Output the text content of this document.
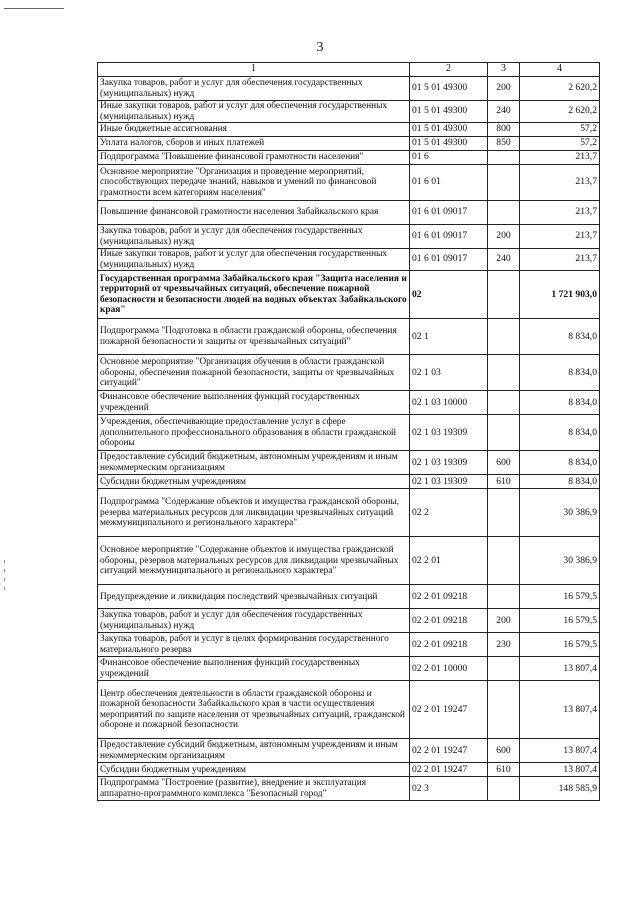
3
1	2	3	4
Закупка товаров, работ и услуг для обеспечения государственных (муниципальных) нужд	01 5 01 49300	200	2 620,2
Иные закупки товаров, работ и услуг для обеспечения государственных (муниципальных) нужд	01 5 01 49300	240	2 620,2
Иные бюджетные ассигнования	01 5 01 49300	800	57,2
Уплата налогов, сборов и иных платежей	01 5 01 49300	850	57,2
Подпрограмма "Повышение финансовой грамотности населения"	01 6		213,7
Основное мероприятие "Организация и проведение мероприятий, способствующих передаче знаний, навыков и умений по финансовой грамотности всем категориям населения"	01 6 01		213,7
Повышение финансовой грамотности населения Забайкальского края	01 6 01 09017		213,7
Закупка товаров, работ и услуг для обеспечения государственных (муниципальных) нужд	01 6 01 09017	200	213,7
Иные закупки товаров, работ и услуг для обеспечения государственных (муниципальных) нужд	01 6 01 09017	240	213,7
Государственная программа Забайкальского края "Защита населения и территорий от чрезвычайных ситуаций, обеспечение пожарной безопасности и безопасности людей на водных объектах Забайкальского края"	02		1 721 903,0
Подпрограмма "Подготовка в области гражданской обороны, обеспечения пожарной безопасности и защиты от чрезвычайных ситуаций"	02 1		8 834,0
Основное мероприятие "Организация обучения в области гражданской обороны, обеспечения пожарной безопасности, защиты от чрезвычайных ситуаций"	02 1 03		8 834,0
Финансовое обеспечение выполнения функций государственных учреждений	02 1 03 10000		8 834,0
Учреждения, обеспечивающие предоставление услуг в сфере дополнительного профессионального образования в области гражданской обороны	02 1 03 19309		8 834,0
Предоставление субсидий бюджетным, автономным учреждениям и иным некоммерческим организациям	02 1 03 19309	600	8 834,0
Субсидии бюджетным учреждениям	02 1 03 19309	610	8 834,0
Подпрограмма "Содержание объектов и имущества гражданской обороны, резерва материальных ресурсов для ликвидации чрезвычайных ситуаций межмуниципального и регионального характера"	02 2		30 386,9
Основное мероприятие "Содержание объектов и имущества гражданской обороны, резервов материальных ресурсов для ликвидации чрезвычайных ситуаций межмуниципального и регионального характера"	02 2 01		30 386,9
Предупреждение и ликвидация последствий чрезвычайных ситуаций	02 2 01 09218		16 579,5
Закупка товаров, работ и услуг для обеспечения государственных (муниципальных) нужд	02 2 01 09218	200	16 579,5
Закупка товаров, работ и услуг в целях формирования государственного материального резерва	02 2 01 09218	230	16 579,5
Финансовое обеспечение выполнения функций государственных учреждений	02 2 01 10000		13 807,4
Центр обеспечения деятельности в области гражданской обороны и пожарной безопасности Забайкальского края в части осуществления мероприятий по защите населения от чрезвычайных ситуаций, гражданской обороне и пожарной безопасности	02 2 01 19247		13 807,4
Предоставление субсидий бюджетным, автономным учреждениям и иным некоммерческим организациям	02 2 01 19247	600	13 807,4
Субсидии бюджетным учреждениям	02 2 01 19247	610	13 807,4
Подпрограмма "Построение (развитие), внедрение и эксплуатация аппаратно-программного комплекса "Безопасный город"	02 3		148 585,9
